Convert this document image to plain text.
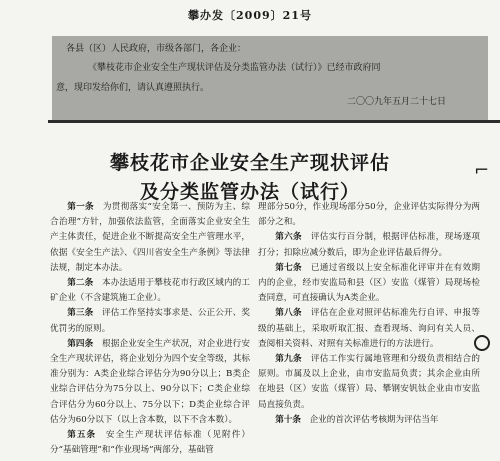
攀办发〔2009〕21号

各县（区）人民政府，市级各部门，各企业：

《攀枝花市企业安全生产现状评估及分类监管办法（试行）》已经市政府同

意，现印发给你们，请认真遵照执行。

二〇〇九年五月二十七日
攀枝花市企业安全生产现状评估
及分类监管办法（试行）
⌐

第一条　为贯彻落实“安全第一、预防为主、综合治理”方针，加强依法监管，全面落实企业安全生产主体责任，促进企业不断提高安全生产管理水平，依据《安全生产法》、《四川省安全生产条例》等法律法规，制定本办法。

第二条　本办法适用于攀枝花市行政区域内的工矿企业（不含建筑施工企业）。

第三条　评估工作坚持实事求是、公正公开、奖优罚劣的原则。

第四条　根据企业安全生产状况，对企业进行安全生产现状评估，将企业划分为四个安全等级，其标准分别为：A类企业综合评估分为90分以上；B类企业综合评估分为75分以上、90分以下；C类企业综合评估分为60分以上、75分以下；D类企业综合评估分为60分以下（以上含本数，以下不含本数）。

第五条　安全生产现状评估标准（见附件）分“基础管理”和“作业现场”两部分，基础管

理部分50分，作业现场部分50分，企业评估实际得分为两部分之和。

第六条　评估实行百分制，根据评估标准，现场逐项打分；扣除应减分数后，即为企业评估最后得分。

第七条　已通过省级以上安全标准化评审并在有效期内的企业，经市安监局和县（区）安监（煤管）局现场检查同意，可直接确认为A类企业。

第八条　评估在企业对照评估标准先行自评、申报等级的基础上，采取听取汇报、查看现场、询问有关人员、查阅相关资料、对照有关标准进行的方法进行。

第九条　评估工作实行属地管理和分级负责相结合的原则。市属及以上企业，由市安监局负责；其余企业由所在地县（区）安监（煤管）局、攀钢安钒钛企业由市安监局直接负责。

第十条　企业的首次评估考核期为评估当年
